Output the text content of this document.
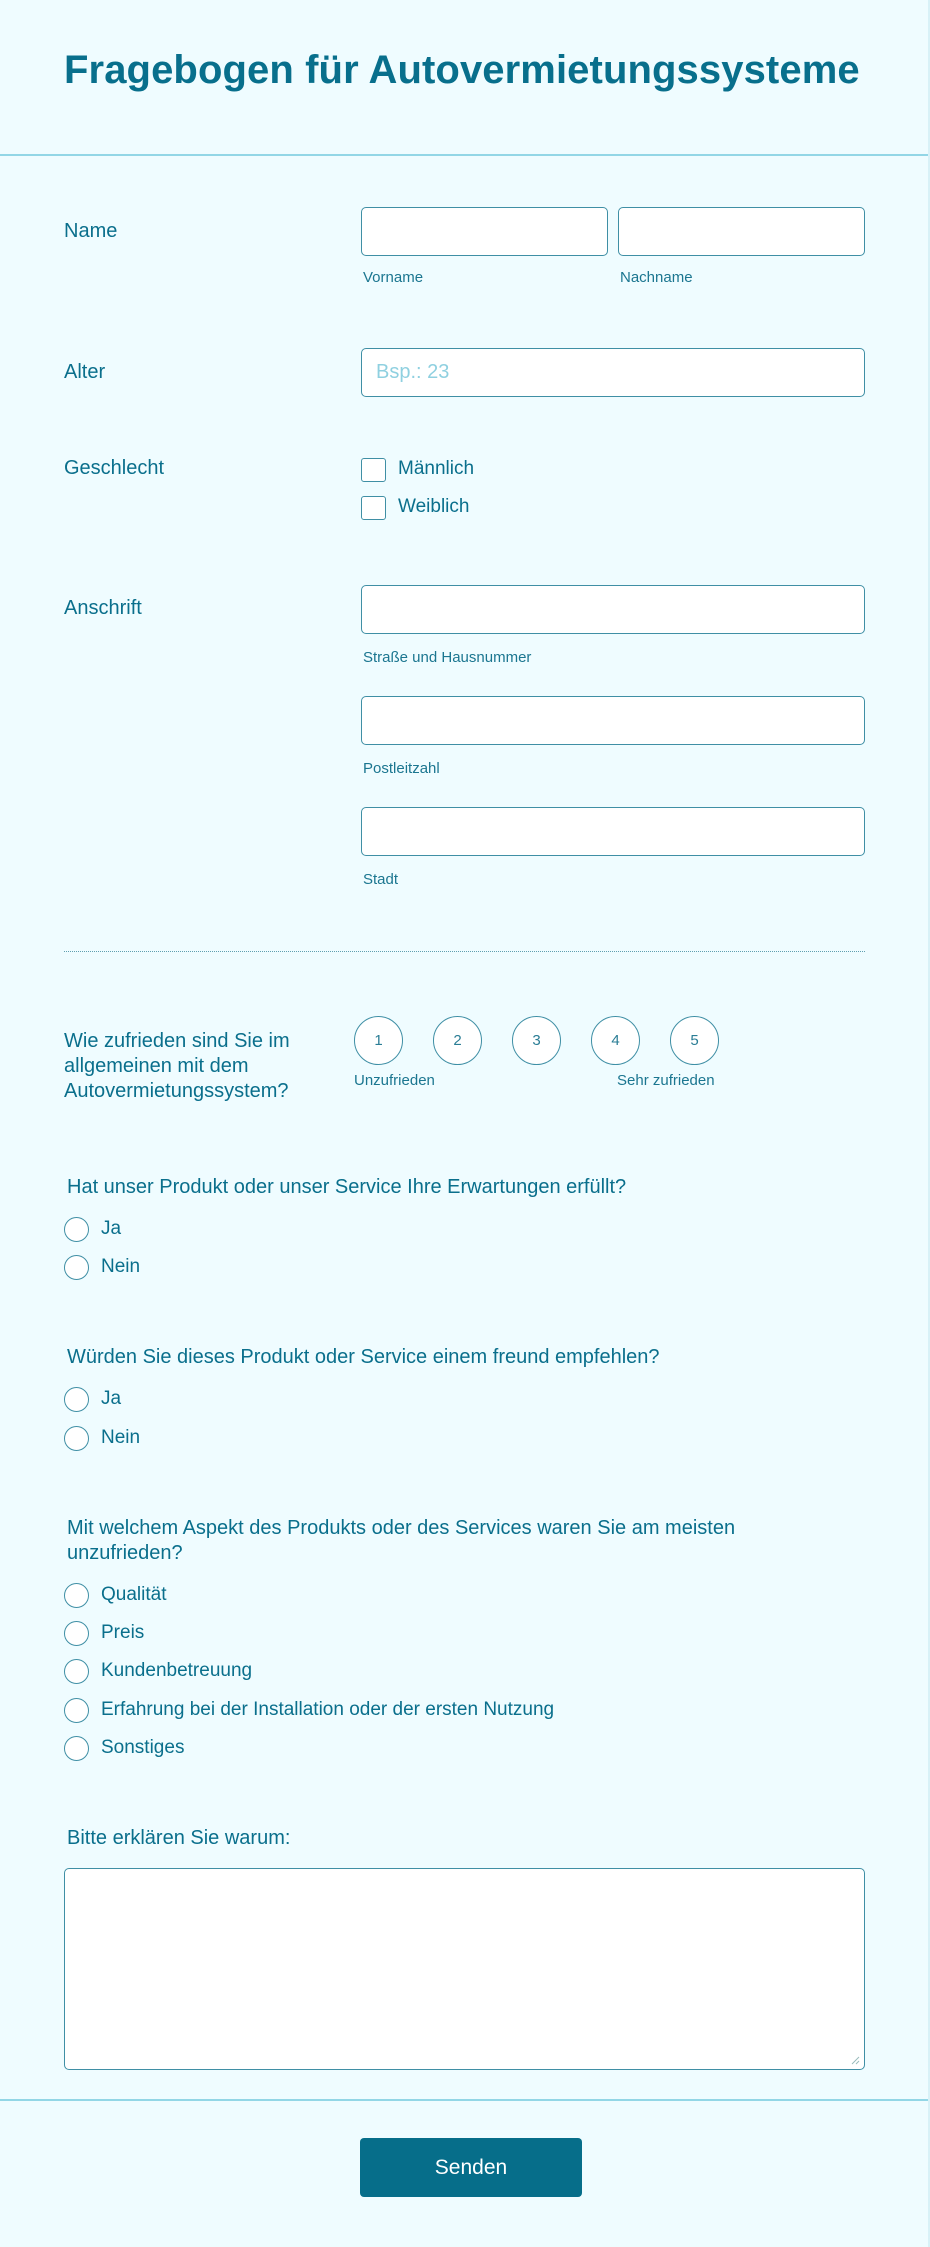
Fragebogen für Autovermietungssysteme
Name
Vorname	Nachname
Alter
Bsp.: 23
Geschlecht	Männlich
Weiblich
Anschrift
Straße und Hausnummer
Postleitzahl
Stadt
Wie zufrieden sind Sie im allgemeinen mit dem Autovermietungssystem?
1	2	3	4	5
Unzufrieden	Sehr zufrieden
Hat unser Produkt oder unser Service Ihre Erwartungen erfüllt?
Ja
Nein
Würden Sie dieses Produkt oder Service einem freund empfehlen?
Ja
Nein
Mit welchem Aspekt des Produkts oder des Services waren Sie am meisten unzufrieden?
Qualität
Preis
Kundenbetreuung
Erfahrung bei der Installation oder der ersten Nutzung
Sonstiges
Bitte erklären Sie warum:
Senden
